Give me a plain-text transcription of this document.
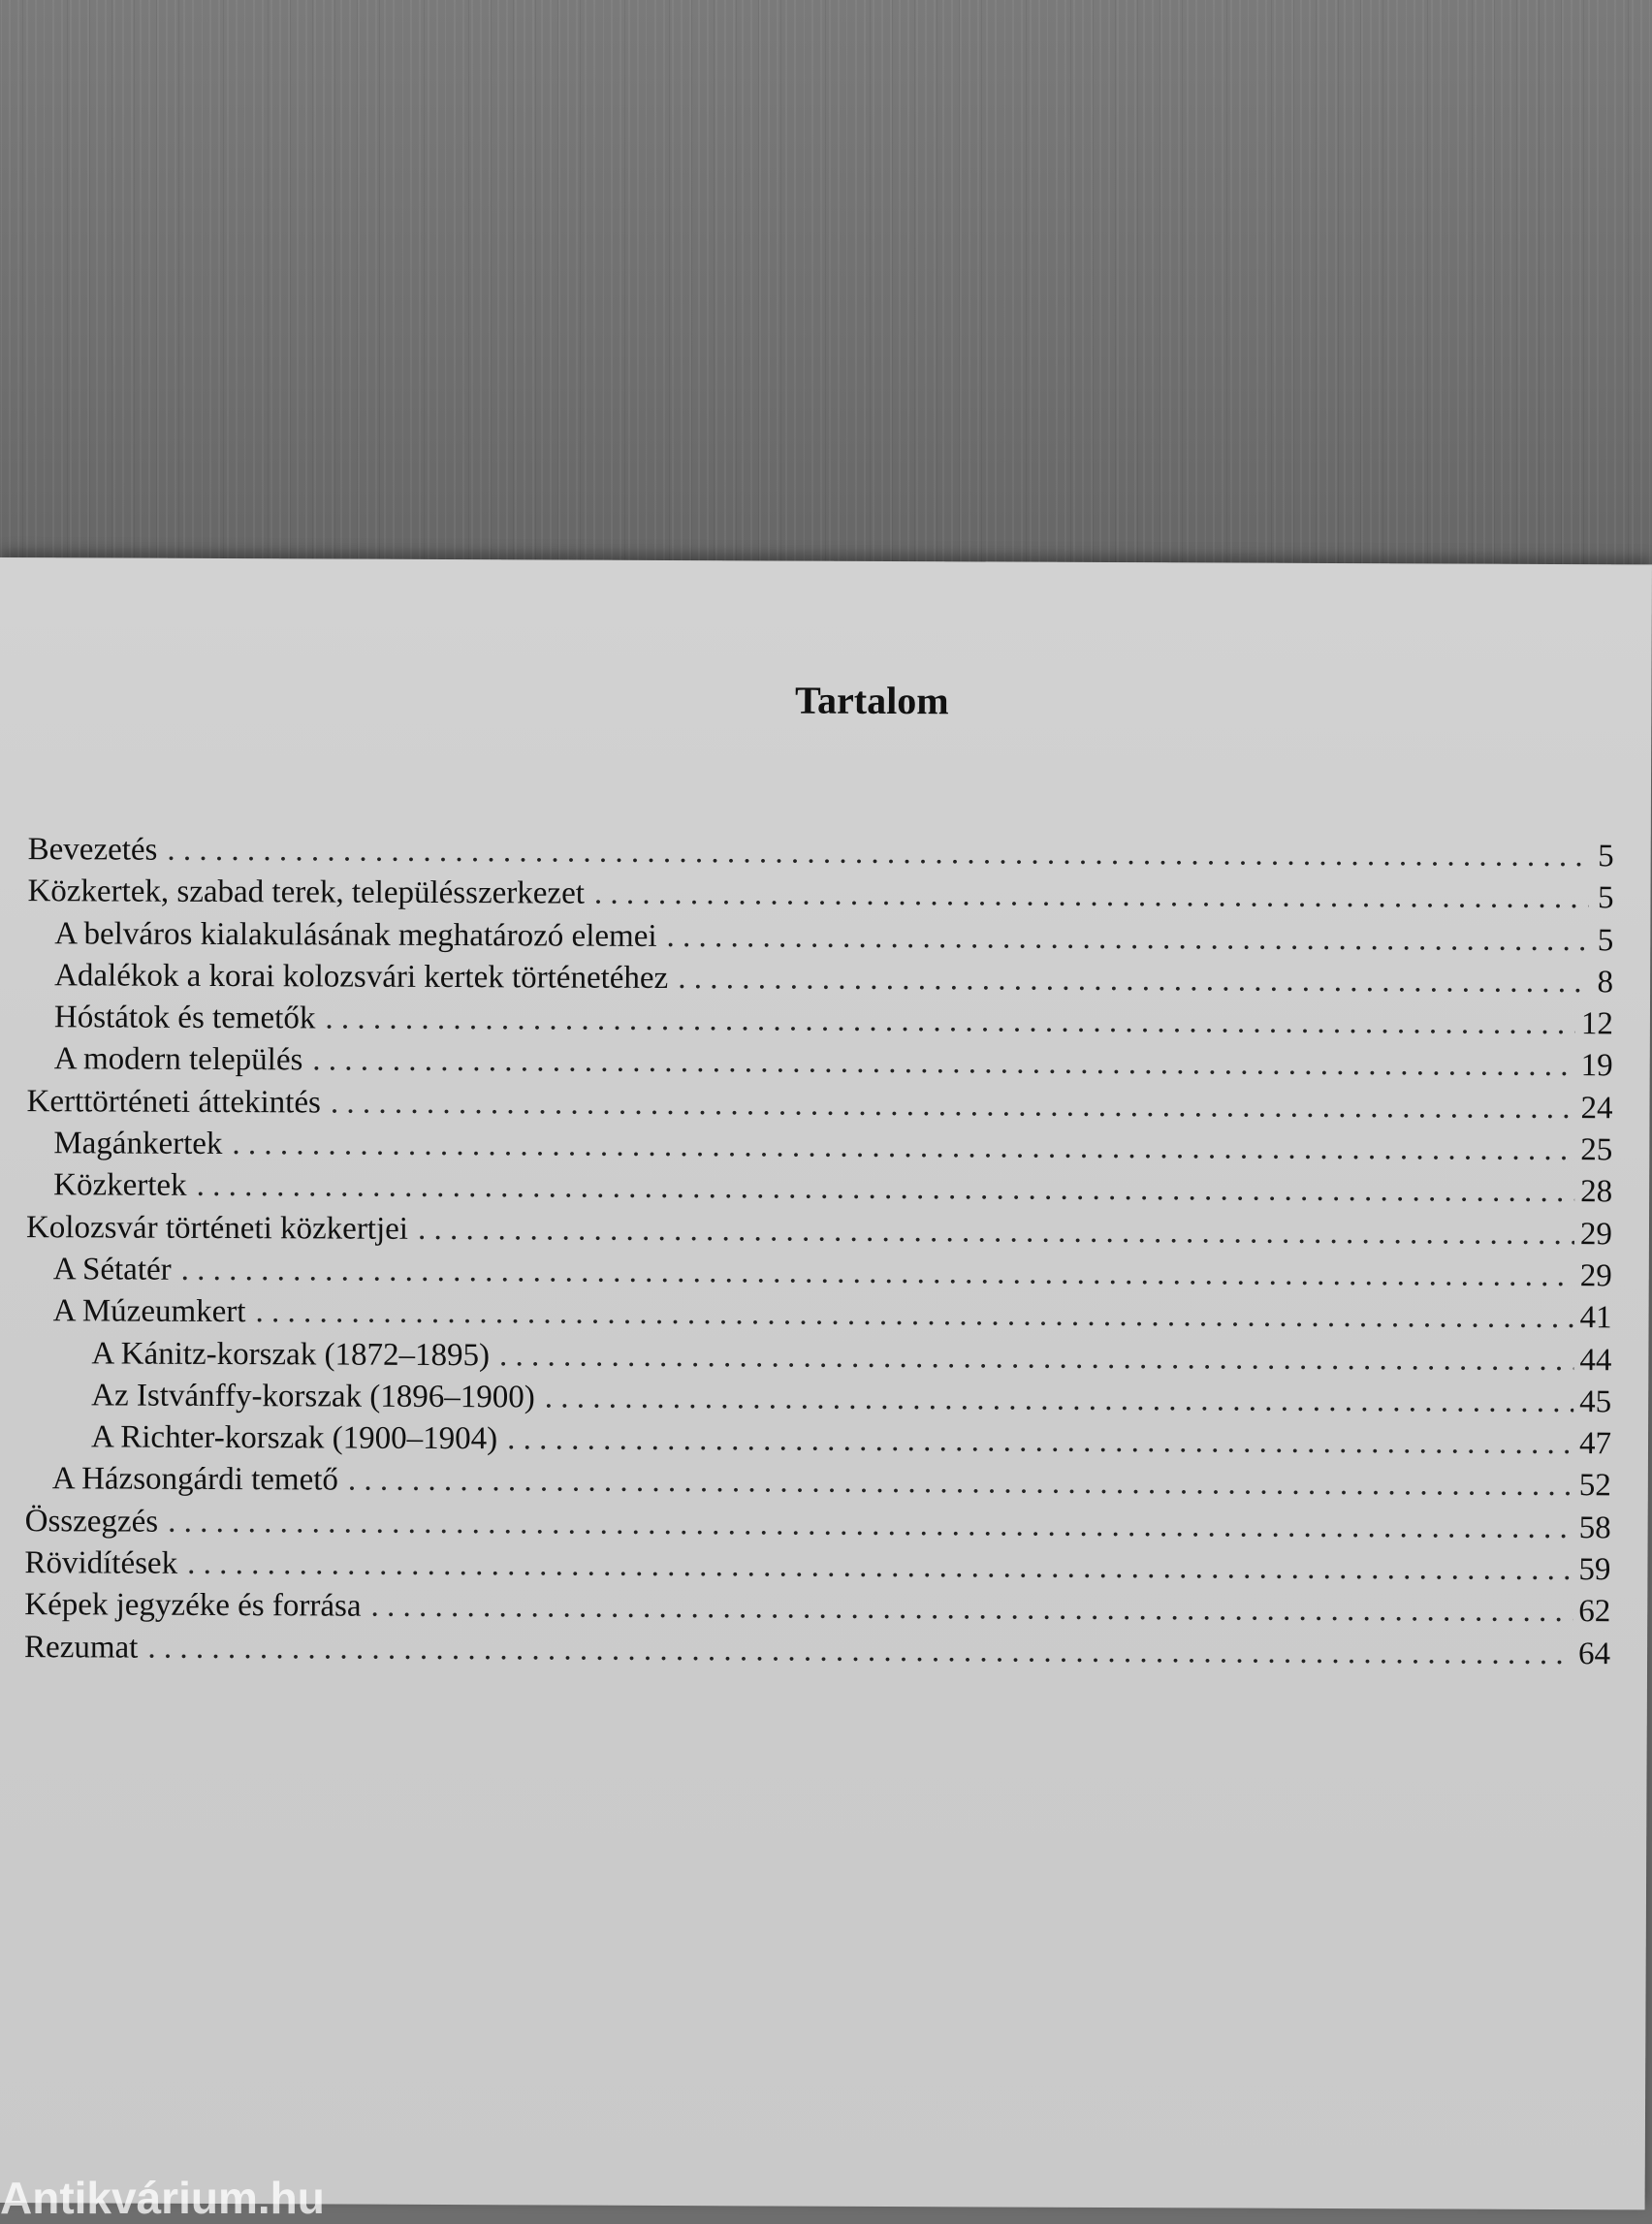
Tartalom
Bevezetés . . .	5
Közkertek, szabad terek, településszerkezet . . .	5
A belváros kialakulásának meghatározó elemei . . .	5
Adalékok a korai kolozsvári kertek történetéhez . . .	8
Hóstátok és temetők . . .	12
A modern település . . .	19
Kerttörténeti áttekintés . . .	24
Magánkertek . . .	25
Közkertek . . .	28
Kolozsvár történeti közkertjei . . .	29
A Sétatér . . .	29
A Múzeumkert . . .	41
A Kánitz-korszak (1872–1895) . . .	44
Az Istvánffy-korszak (1896–1900) . . .	45
A Richter-korszak (1900–1904) . . .	47
A Házsongárdi temető . . .	52
Összegzés . . .	58
Rövidítések . . .	59
Képek jegyzéke és forrása . . .	62
Rezumat . . .	64
Antikvárium.hu
